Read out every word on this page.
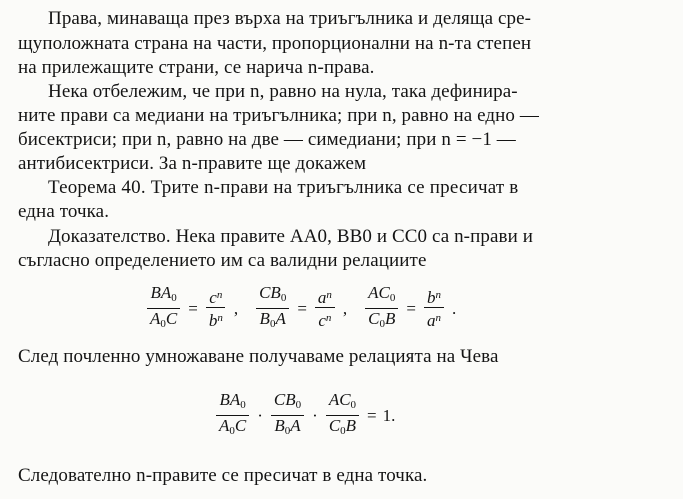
Права, минаваща през върха на триъгълника и деляща сре-
щуположната страна на части, пропорционални на n-та степен
на прилежащите страни, се нарича n-права.
Нека отбележим, че при n, равно на нула, така дефинира-
ните прави са медиани на триъгълника; при n, равно на едно —
бисектриси; при n, равно на две — симедиани; при n = −1 —
антибисектриси. За n-правите ще докажем
Теорема 40. Трите n-прави на триъгълника се пресичат в
една точка.
Доказателство. Нека правите AA0, BB0 и CC0 са n-прави и
съгласно определението им са валидни релациите
$\frac{BA_0}{A_0C} = \frac{c^n}{b^n}$ ,	$\frac{CB_0}{B_0A} = \frac{a^n}{c^n}$ ,	$\frac{AC_0}{C_0B} = \frac{b^n}{a^n}$ .
След почленно умножаване получаваме релацията на Чева
$\frac{BA_0}{A_0C} \cdot \frac{CB_0}{B_0A} \cdot \frac{AC_0}{C_0B} = 1$.
Следователно n-правите се пресичат в една точка.
